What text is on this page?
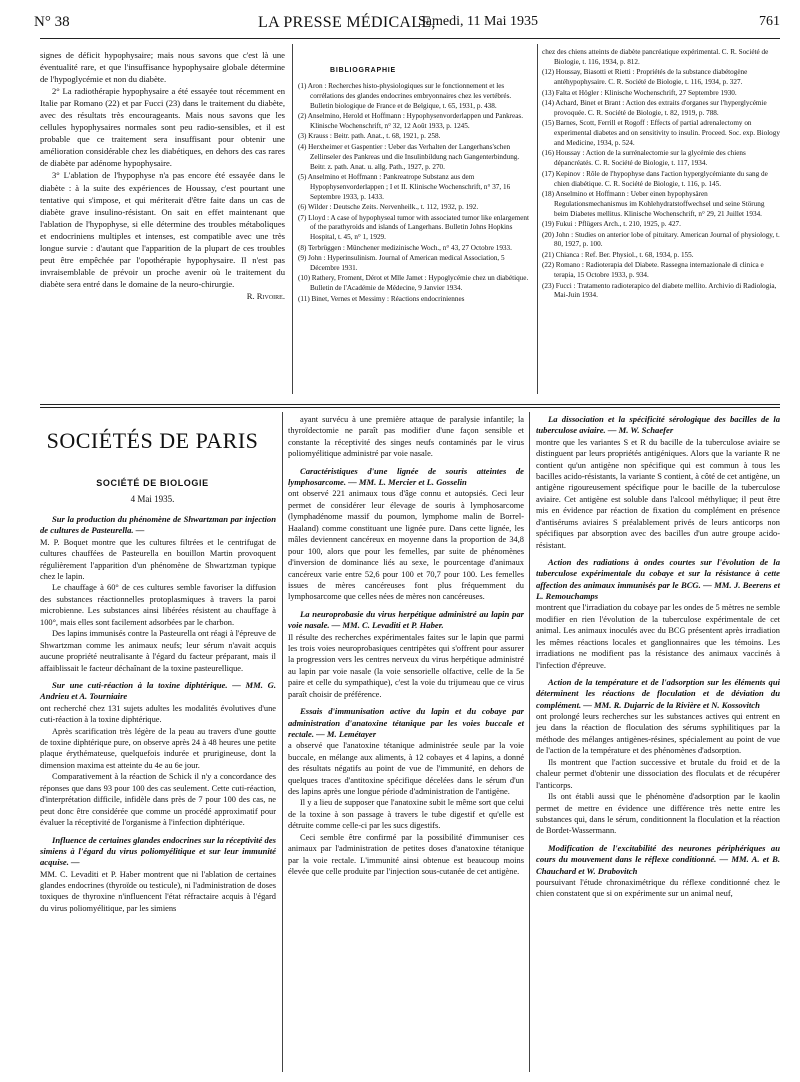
N° 38	LA PRESSE MÉDICALE,
Samedi, 11 Mai 1935	761

signes de déficit hypophysaire; mais nous savons que c'est là une éventualité rare, et que l'insuffisance hypophysaire globale détermine de l'hypoglycémie et non du diabète.

2° La radiothérapie hypophysaire a été essayée tout récemment en Italie par Romano (22) et par Fucci (23) dans le traitement du diabète, avec des résultats très encourageants. Mais nous savons que les cellules hypophysaires normales sont peu radio-sensibles, et il est probable que ce traitement sera insuffisant pour obtenir une amélioration considérable chez les diabétiques, en dehors des cas rares de diabète par adénome hypophysaire.

3° L'ablation de l'hypophyse n'a pas encore été essayée dans le diabète : à la suite des expériences de Houssay, c'est pourtant une tentative qui s'impose, et qui mériterait d'être faite dans un cas de diabète grave insulino-résistant. On sait en effet maintenant que l'ablation de l'hypophyse, si elle détermine des troubles métaboliques et endocriniens multiples et intenses, est compatible avec une très longue survie : d'autant que l'apparition de la plupart de ces troubles peut être empêchée par l'opothérapie hypophysaire. Il n'est pas invraisemblable de prévoir un proche avenir où le traitement du diabète sera entré dans le domaine de la neuro-chirurgie.

R. Rivoire.
BIBLIOGRAPHIE
(1) Aron : Recherches histo-physiologiques sur le fonctionnement et les corrélations des glandes endocrines embryonnaires chez les vertébrés. Bulletin biologique de France et de Belgique, t. 65, 1931, p. 438.
(2) Anselmino, Herold et Hoffmann : Hypophysenvorderlappen und Pankreas. Klinische Wochenschrift, n° 32, 12 Août 1933, p. 1245.
(3) Krauss : Beitr. path. Anat., t. 68, 1921, p. 258.
(4) Herxheimer et Gaspentier : Ueber das Verhalten der Langerhans'schen Zellinseler des Pankreas und die Insulinbildung nach Gangenterbindung. Beitr. z. path. Anat. u. allg. Path., 1927, p. 270.
(5) Anselmino et Hoffmann : Pankreatrope Substanz aus dem Hypophysenvorderlappen ; I et II. Klinische Wochenschrift, n° 37, 16 Septembre 1933, p. 1433.
(6) Wilder : Deutsche Zeits. Nervenheilk., t. 112, 1932, p. 192.
(7) Lloyd : A case of hypophyseal tumor with associated tumor like enlargement of the parathyroids and islands of Langerhans. Bulletin Johns Hopkins Hospital, t. 45, n° 1, 1929.
(8) Terbrüggen : Münchener medizinische Woch., n° 43, 27 Octobre 1933.
(9) John : Hyperinsulinism. Journal of American medical Association, 5 Décembre 1931.
(10) Rathery, Froment, Dérot et Mlle Jamet : Hypoglycémie chez un diabétique. Bulletin de l'Académie de Médecine, 9 Janvier 1934.
(11) Binet, Vernes et Messimy : Réactions endocriniennes
chez des chiens atteints de diabète pancréatique expérimental. C. R. Société de Biologie, t. 116, 1934, p. 812.
(12) Houssay, Biasotti et Rietti : Propriétés de la substance diabétogène antéhypophysaire. C. R. Société de Biologie, t. 116, 1934, p. 327.
(13) Falta et Högler : Klinische Wochenschrift, 27 Septembre 1930.
(14) Achard, Binet et Brant : Action des extraits d'organes sur l'hyperglycémie provoquée. C. R. Société de Biologie, t. 82, 1919, p. 788.
(15) Barnes, Scott, Ferrill et Rogoff : Effects of partial adrenalectomy on experimental diabetes and on sensitivity to insulin. Proceed. Soc. exp. Biology and Medicine, 1934, p. 524.
(16) Houssay : Action de la surrénalectomie sur la glycémie des chiens dépancréatés. C. R. Société de Biologie, t. 117, 1934.
(17) Kepinov : Rôle de l'hypophyse dans l'action hyperglycémiante du sang de chien diabétique. C. R. Société de Biologie, t. 116, p. 145.
(18) Anselmino et Hoffmann : Ueber einen hypophysären Regulationsmechanismus im Kohlehydratstoffwechsel und seine Störung beim Diabetes mellitus. Klinische Wochenschrift, n° 29, 21 Juillet 1934.
(19) Fukui : Pflügers Arch., t. 210, 1925, p. 427.
(20) John : Studies on anterior lobe of pituitary. American Journal of physiology, t. 80, 1927, p. 100.
(21) Chianca : Ref. Ber. Physiol., t. 68, 1934, p. 155.
(22) Romano : Radioterapia del Diabete. Rassegna internazionale di clinica e terapia, 15 Octobre 1933, p. 934.
(23) Fucci : Tratamento radioterapico del diabete mellito. Archivio di Radiologia, Mai-Juin 1934.
SOCIÉTÉS DE PARIS
SOCIÉTÉ DE BIOLOGIE
4 Mai 1935.
Sur la production du phénomène de Shwartzman par injection de cultures de Pasteurella. —

M. P. Boquet montre que les cultures filtrées et le centrifugat de cultures chauffées de Pasteurella en bouillon Martin provoquent régulièrement l'apparition d'un phénomène de Shwartzman typique chez le lapin.

Le chauffage à 60° de ces cultures semble favoriser la diffusion des substances réactionnelles protoplasmiques à travers la paroi microbienne. Les substances ainsi libérées résistent au chauffage à 100°, mais elles sont facilement adsorbées par le charbon.

Des lapins immunisés contre la Pasteurella ont réagi à l'épreuve de Shwartzman comme les animaux neufs; leur sérum n'avait acquis aucune propriété neutralisante à l'égard du facteur préparant, mais il affaiblissait le facteur déchaînant de la toxine pasteurellique.

Sur une cuti-réaction à la toxine diphtérique. — MM. G. Andrieu et A. Tourniaire

ont recherché chez 131 sujets adultes les modalités évolutives d'une cuti-réaction à la toxine diphtérique.

Après scarification très légère de la peau au travers d'une goutte de toxine diphtérique pure, on observe après 24 à 48 heures une petite plaque érythémateuse, quelquefois indurée et prurigineuse, dont la dimension maxima est atteinte du 4e au 6e jour.

Comparativement à la réaction de Schick il n'y a concordance des réponses que dans 93 pour 100 des cas seulement. Cette cuti-réaction, d'interprétation difficile, infidèle dans près de 7 pour 100 des cas, ne peut donc être considérée que comme un procédé approximatif pour évaluer la réceptivité de l'organisme à l'infection diphtérique.

Influence de certaines glandes endocrines sur la réceptivité des simiens à l'égard du virus poliomyélitique et sur leur immunité acquise. —

MM. C. Levaditi et P. Haber montrent que ni l'ablation de certaines glandes endocrines (thyroïde ou testicule), ni l'administration de doses toxiques de thyroxine n'influencent l'état réfractaire acquis à l'égard du virus poliomyélitique, par les simiens

ayant survécu à une première attaque de paralysie infantile; la thyroïdectomie ne paraît pas modifier d'une façon sensible et constante la réceptivité des singes neufs contaminés par le virus poliomyélitique administré par voie nasale.

Caractéristiques d'une lignée de souris atteintes de lymphosarcome. — MM. L. Mercier et L. Gosselin

ont observé 221 animaux tous d'âge connu et autopsiés. Ceci leur permet de considérer leur élevage de souris à lymphosarcome (lymphadénome massif du poumon, lymphome malin de Borrel-Haaland) comme constituant une lignée pure. Dans cette lignée, les mâles deviennent cancéreux en moyenne dans la proportion de 34,8 pour 100, alors que pour les femelles, par suite de phénomènes d'inversion de dominance liés au sexe, le pourcentage d'animaux cancéreux varie entre 52,6 pour 100 et 70,7 pour 100. Les femelles issues de mères cancéreuses font plus fréquemment du lymphosarcome que celles nées de mères non cancéreuses.

La neuroprobasie du virus herpétique administré au lapin par voie nasale. — MM. C. Levaditi et P. Haber.

Il résulte des recherches expérimentales faites sur le lapin que parmi les trois voies neuroprobasiques centripètes qui s'offrent pour assurer la progression vers les centres nerveux du virus herpétique administré au lapin par voie nasale (la voie sensorielle olfactive, celle de la 5e paire et celle du sympathique), c'est la voie du trijumeau que ce virus paraît choisir de préférence.

Essais d'immunisation active du lapin et du cobaye par administration d'anatoxine tétanique par les voies buccale et rectale. — M. Lemétayer

a observé que l'anatoxine tétanique administrée seule par la voie buccale, en mélange aux aliments, à 12 cobayes et 4 lapins, a donné des résultats négatifs au point de vue de l'immunité, en dehors de quelques traces d'antitoxine spécifique décelées dans le sérum d'un des lapins après une longue période d'administration de l'antigène.

Il y a lieu de supposer que l'anatoxine subit le même sort que celui de la toxine à son passage à travers le tube digestif et qu'elle est détruite comme celle-ci par les sucs digestifs.

Ceci semble être confirmé par la possibilité d'immuniser ces animaux par l'administration de petites doses d'anatoxine tétanique par la voie rectale. L'immunité ainsi obtenue est beaucoup moins élevée que celle produite par l'injection sous-cutanée de cet antigène.

La dissociation et la spécificité sérologique des bacilles de la tuberculose aviaire. — M. W. Schaefer

montre que les variantes S et R du bacille de la tuberculose aviaire se distinguent par leurs propriétés antigéniques. Alors que la variante R ne contient qu'un antigène non spécifique qui est commun à tous les bacilles acido-résistants, la variante S contient, à côté de cet antigène, un antigène rigoureusement spécifique pour le bacille de la tuberculose aviaire. Cet antigène est soluble dans l'alcool méthylique; il peut être mis en évidence par réaction de fixation du complément en présence d'antisérums aviaires S préalablement privés de leurs anticorps non spécifiques par absorption avec des bacilles d'un autre groupe acido-résistant.

Action des radiations à ondes courtes sur l'évolution de la tuberculose expérimentale du cobaye et sur la résistance à cette affection des animaux immunisés par le BCG. — MM. J. Beerens et L. Remouchamps

montrent que l'irradiation du cobaye par les ondes de 5 mètres ne semble modifier en rien l'évolution de la tuberculose expérimentale de cet animal. Les animaux inoculés avec du BCG présentent après irradiation les mêmes réactions locales et ganglionnaires que les témoins. Les irradiations ne modifient pas la résistance des animaux vaccinés à l'infection d'épreuve.

Action de la température et de l'adsorption sur les éléments qui déterminent les réactions de floculation et de déviation du complément. — MM. R. Dujarric de la Rivière et N. Kossovitch

ont prolongé leurs recherches sur les substances actives qui entrent en jeu dans la réaction de floculation des sérums syphilitiques par la méthode des mélanges antigènes-résines, spécialement au point de vue de l'action de la température et des phénomènes d'adsorption.

Ils montrent que l'action successive et brutale du froid et de la chaleur permet d'obtenir une dissociation des floculats et de récupérer l'anticorps.

Ils ont établi aussi que le phénomène d'adsorption par le kaolin permet de mettre en évidence une différence très nette entre les substances qui, dans le sérum, conditionnent la floculation et la réaction de Bordet-Wassermann.

Modification de l'excitabilité des neurones périphériques au cours du mouvement dans le réflexe conditionné. — MM. A. et B. Chauchard et W. Drabovitch

poursuivant l'étude chronaximétrique du réflexe conditionné chez le chien constatent que si on expérimente sur un animal neuf,
